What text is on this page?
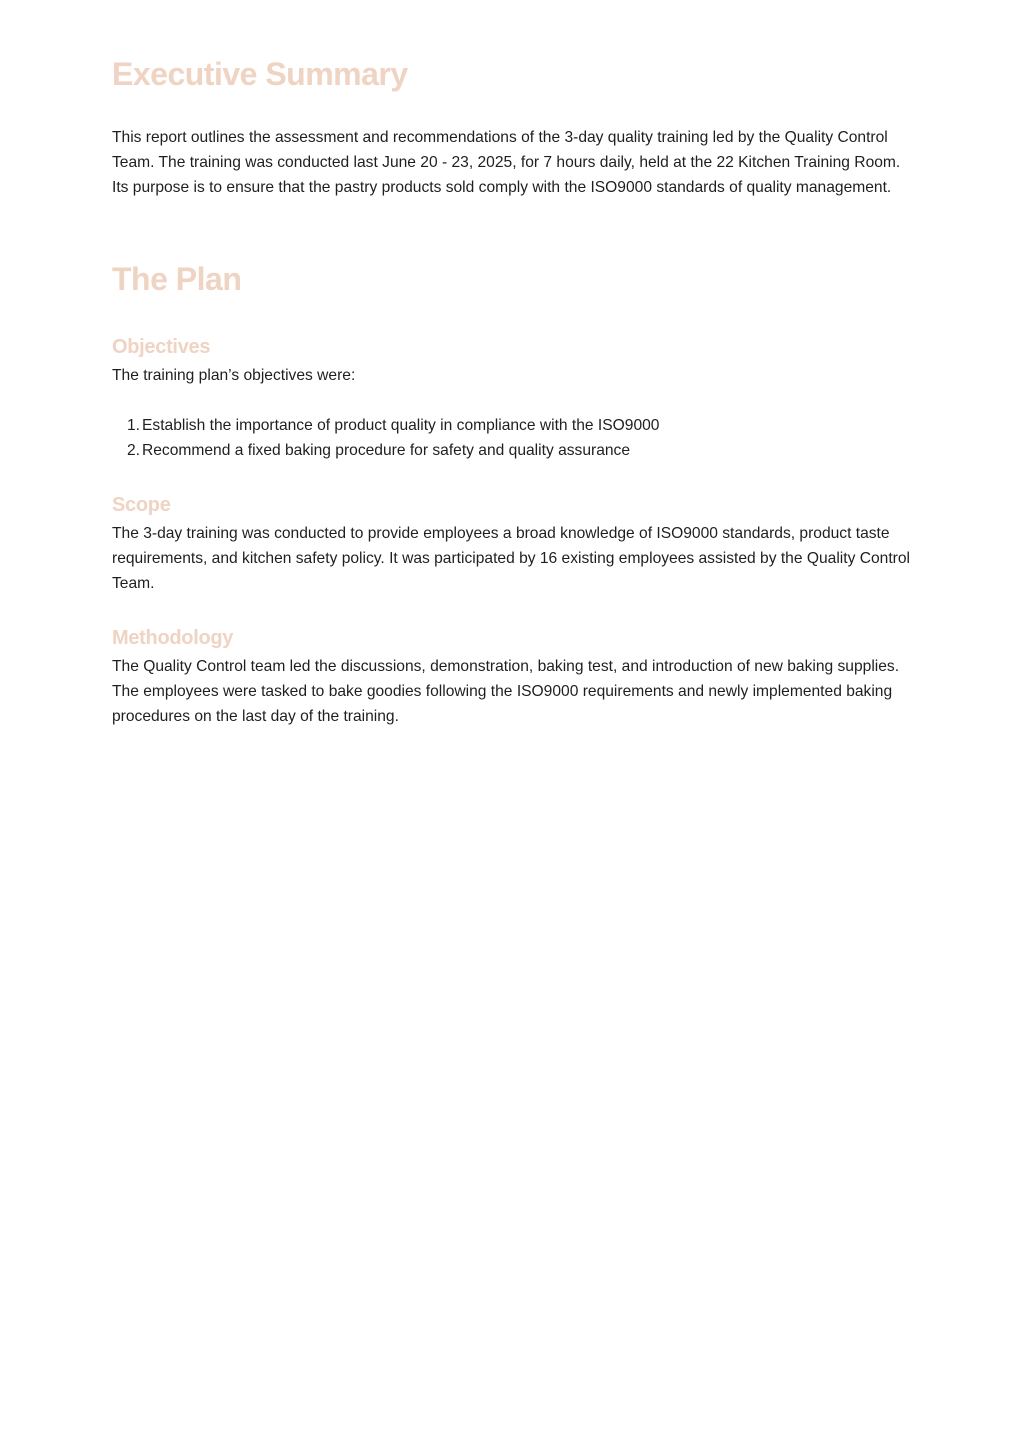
Executive Summary

This report outlines the assessment and recommendations of the 3-day quality training led by the Quality Control Team. The training was conducted last June 20 - 23, 2025, for 7 hours daily, held at the 22 Kitchen Training Room. Its purpose is to ensure that the pastry products sold comply with the ISO9000 standards of quality management.

The Plan
Objectives

The training plan’s objectives were:

1. Establish the importance of product quality in compliance with the ISO9000
2. Recommend a fixed baking procedure for safety and quality assurance
Scope

The 3-day training was conducted to provide employees a broad knowledge of ISO9000 standards, product taste requirements, and kitchen safety policy. It was participated by 16 existing employees assisted by the Quality Control Team.

Methodology

The Quality Control team led the discussions, demonstration, baking test, and introduction of new baking supplies. The employees were tasked to bake goodies following the ISO9000 requirements and newly implemented baking procedures on the last day of the training.
